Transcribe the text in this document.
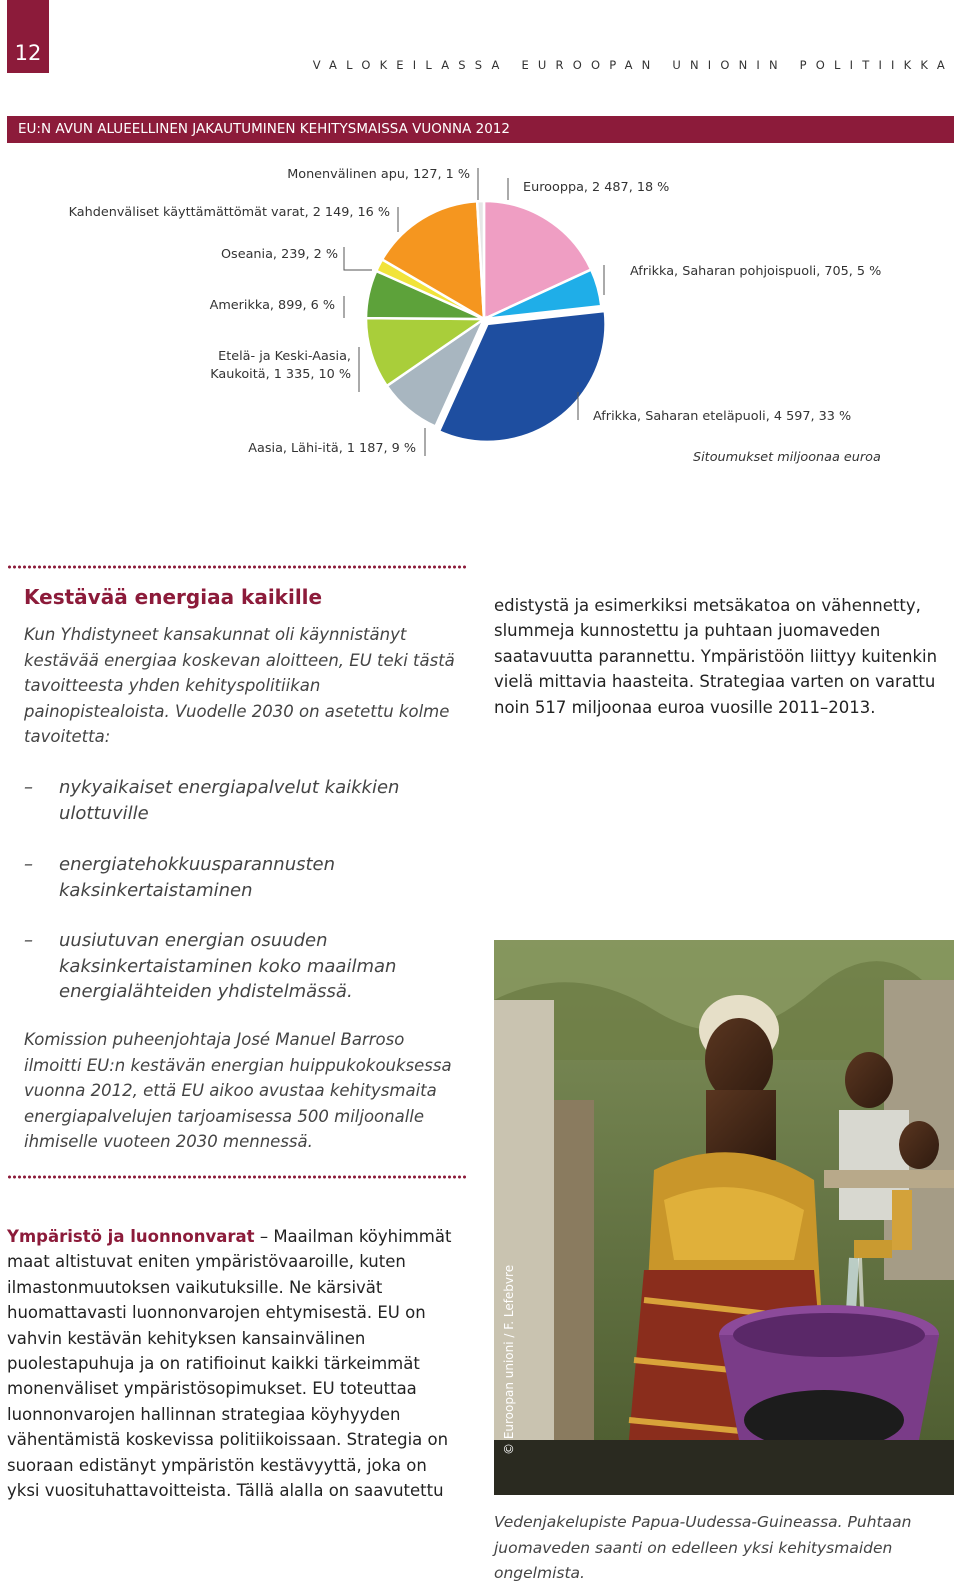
12	VALOKEILASSA EUROOPAN UNIONIN POLITIIKKA
EU:N AVUN ALUEELLINEN JAKAUTUMINEN KEHITYSMAISSA VUONNA 2012
Monenvälinen apu, 127, 1 %
Eurooppa, 2 487, 18 %
Kahdenväliset käyttämättömät varat, 2 149, 16 %
Oseania, 239, 2 %
Afrikka, Saharan pohjoispuoli, 705, 5 %
Amerikka, 899, 6 %
Etelä- ja Keski-Aasia,
Kaukoitä, 1 335, 10 %
Afrikka, Saharan eteläpuoli, 4 597, 33 %
Aasia, Lähi-itä, 1 187, 9 %
Sitoumukset miljoonaa euroa
Kestävää energiaa kaikille
Kun Yhdistyneet kansakunnat oli käynnistänyt kestävää energiaa koskevan aloitteen, EU teki tästä tavoitteesta yhden kehityspolitiikan painopistealoista. Vuodelle 2030 on asetettu kolme tavoitetta:
– nykyaikaiset energiapalvelut kaikkien ulottuville
– energiatehokkuusparannusten kaksinkertaistaminen
– uusiutuvan energian osuuden kaksinkertaistaminen koko maailman energialähteiden yhdistelmässä.
Komission puheenjohtaja José Manuel Barroso ilmoitti EU:n kestävän energian huippukokouksessa vuonna 2012, että EU aikoo avustaa kehitysmaita energiapalvelujen tarjoamisessa 500 miljoonalle ihmiselle vuoteen 2030 mennessä.
edistystä ja esimerkiksi metsäkatoa on vähennetty, slummeja kunnostettu ja puhtaan juomaveden saatavuutta parannettu. Ympäristöön liittyy kuitenkin vielä mittavia haasteita. Strategiaa varten on varattu noin 517 miljoonaa euroa vuosille 2011–2013.
Ympäristö ja luonnonvarat – Maailman köyhimmät maat altistuvat eniten ympäristövaaroille, kuten ilmastonmuutoksen vaikutuksille. Ne kärsivät huomattavasti luonnonvarojen ehtymisestä. EU on vahvin kestävän kehityksen kansainvälinen puolestapuhuja ja on ratifioinut kaikki tärkeimmät monenväliset ympäristösopimukset. EU toteuttaa luonnonvarojen hallinnan strategiaa köyhyyden vähentämistä koskevissa politiikoissaan. Strategia on suoraan edistänyt ympäristön kestävyyttä, joka on yksi vuosituhattavoitteista. Tällä alalla on saavutettu
© Euroopan unioni / F. Lefebvre
Vedenjakelupiste Papua-Uudessa-Guineassa. Puhtaan juomaveden saanti on edelleen yksi kehitysmaiden ongelmista.
